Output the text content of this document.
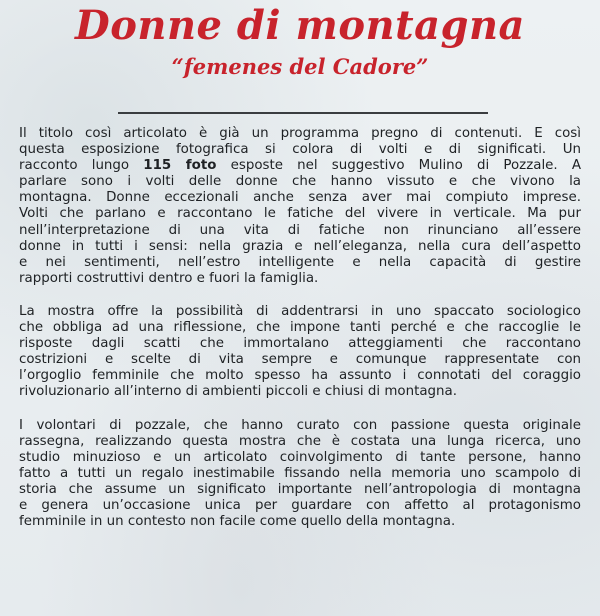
Donne di montagna
“femenes del Cadore”

Il titolo così articolato è già un programma pregno di contenuti. E così
questa esposizione fotografica si colora di volti e di significati. Un
racconto lungo 115 foto esposte nel suggestivo Mulino di Pozzale. A
parlare sono i volti delle donne che hanno vissuto e che vivono la
montagna. Donne eccezionali anche senza aver mai compiuto imprese.
Volti che parlano e raccontano le fatiche del vivere in verticale. Ma pur
nell’interpretazione di una vita di fatiche non rinunciano all’essere
donne in tutti i sensi: nella grazia e nell’eleganza, nella cura dell’aspetto
e nei sentimenti, nell’estro intelligente e nella capacità di gestire
rapporti costruttivi dentro e fuori la famiglia.

La mostra offre la possibilità di addentrarsi in uno spaccato sociologico
che obbliga ad una riflessione, che impone tanti perché e che raccoglie le
risposte dagli scatti che immortalano atteggiamenti che raccontano
costrizioni e scelte di vita sempre e comunque rappresentate con
l’orgoglio femminile che molto spesso ha assunto i connotati del coraggio
rivoluzionario all’interno di ambienti piccoli e chiusi di montagna.

I volontari di pozzale, che hanno curato con passione questa originale
rassegna, realizzando questa mostra che è costata una lunga ricerca, uno
studio minuzioso e un articolato coinvolgimento di tante persone, hanno
fatto a tutti un regalo inestimabile fissando nella memoria uno scampolo di
storia che assume un significato importante nell’antropologia di montagna
e genera un’occasione unica per guardare con affetto al protagonismo
femminile in un contesto non facile come quello della montagna.
